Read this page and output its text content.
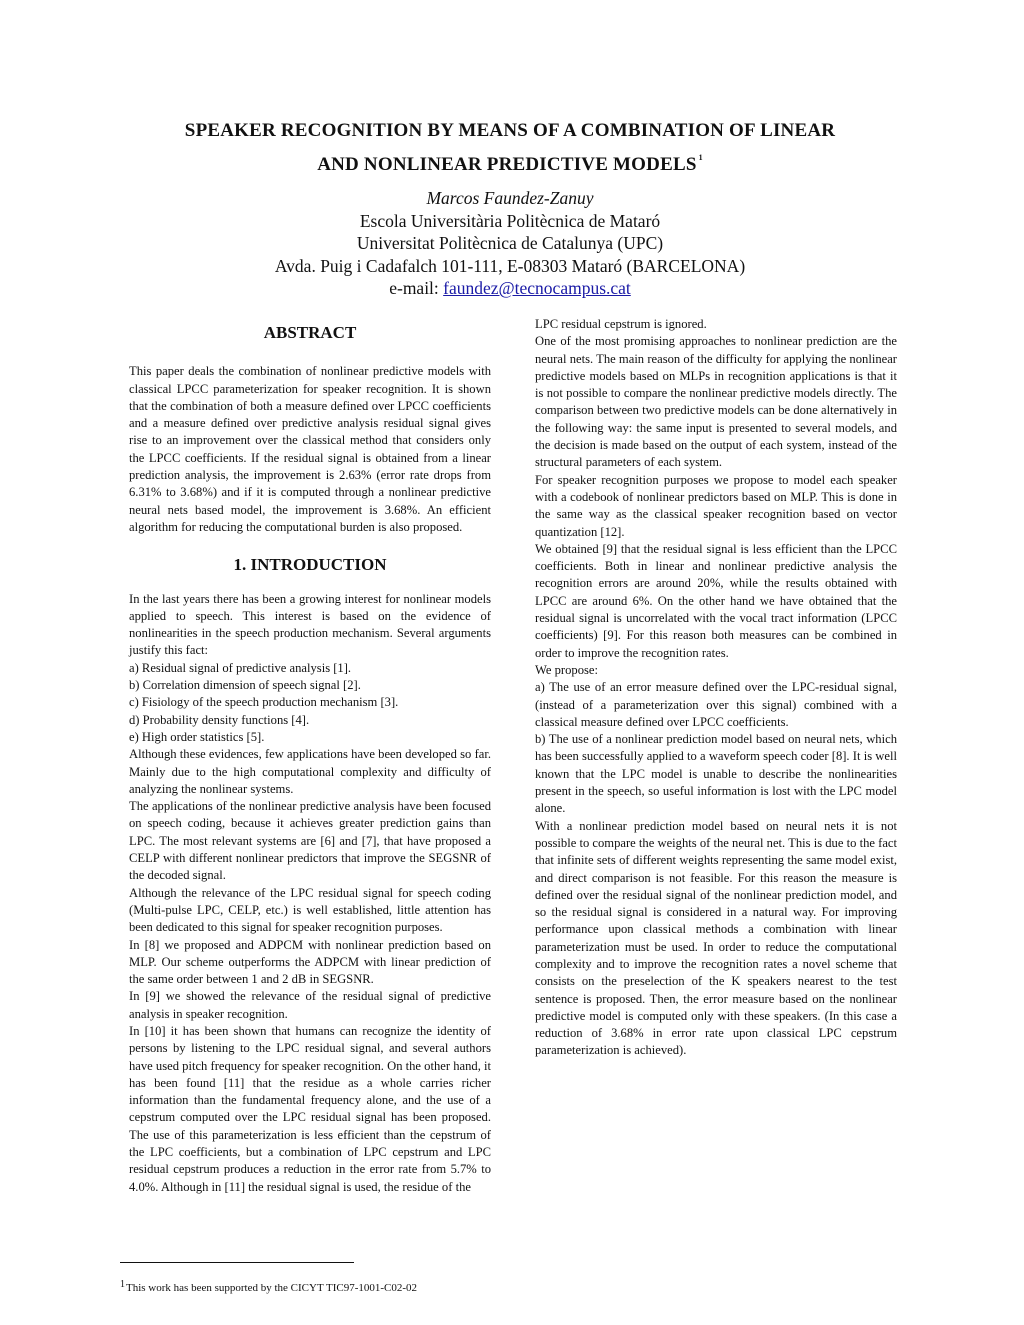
SPEAKER RECOGNITION BY MEANS OF A COMBINATION OF LINEAR
AND NONLINEAR PREDICTIVE MODELS $^1$
Marcos Faundez-Zanuy
Escola Universitària Politècnica de Mataró
Universitat Politècnica de Catalunya (UPC)
Avda. Puig i Cadafalch 101-111, E-08303 Mataró (BARCELONA)
e-mail: faundez@tecnocampus.cat
ABSTRACT

This paper deals the combination of nonlinear predictive models with classical LPCC parameterization for speaker recognition. It is shown that the combination of both a measure defined over LPCC coefficients and a measure defined over predictive analysis residual signal gives rise to an improvement over the classical method that considers only the LPCC coefficients. If the residual signal is obtained from a linear prediction analysis, the improvement is 2.63% (error rate drops from 6.31% to 3.68%) and if it is computed through a nonlinear predictive neural nets based model, the improvement is 3.68%. An efficient algorithm for reducing the computational burden is also proposed.

1. INTRODUCTION

In the last years there has been a growing interest for nonlinear models applied to speech. This interest is based on the evidence of nonlinearities in the speech production mechanism. Several arguments justify this fact:

a) Residual signal of predictive analysis [1].

b) Correlation dimension of speech signal [2].

c) Fisiology of the speech production mechanism [3].

d) Probability density functions [4].

e) High order statistics [5].

Although these evidences, few applications have been developed so far. Mainly due to the high computational complexity and difficulty of analyzing the nonlinear systems.

The applications of the nonlinear predictive analysis have been focused on speech coding, because it achieves greater prediction gains than LPC. The most relevant systems are [6] and [7], that have proposed a CELP with different nonlinear predictors that improve the SEGSNR of the decoded signal.

Although the relevance of the LPC residual signal for speech coding (Multi-pulse LPC, CELP, etc.) is well established, little attention has been dedicated to this signal for speaker recognition purposes.

In [8] we proposed and ADPCM with nonlinear prediction based on MLP. Our scheme outperforms the ADPCM with linear prediction of the same order between 1 and 2 dB in SEGSNR.

In [9] we showed the relevance of the residual signal of predictive analysis in speaker recognition.

In [10] it has been shown that humans can recognize the identity of persons by listening to the LPC residual signal, and several authors have used pitch frequency for speaker recognition. On the other hand, it has been found [11] that the residue as a whole carries richer information than the fundamental frequency alone, and the use of a cepstrum computed over the LPC residual signal has been proposed. The use of this parameterization is less efficient than the cepstrum of the LPC coefficients, but a combination of LPC cepstrum and LPC residual cepstrum produces a reduction in the error rate from 5.7% to 4.0%. Although in [11] the residual signal is used, the residue of the

LPC residual cepstrum is ignored.

One of the most promising approaches to nonlinear prediction are the neural nets. The main reason of the difficulty for applying the nonlinear predictive models based on MLPs in recognition applications is that it is not possible to compare the nonlinear predictive models directly. The comparison between two predictive models can be done alternatively in the following way: the same input is presented to several models, and the decision is made based on the output of each system, instead of the structural parameters of each system.

For speaker recognition purposes we propose to model each speaker with a codebook of nonlinear predictors based on MLP. This is done in the same way as the classical speaker recognition based on vector quantization [12].

We obtained [9] that the residual signal is less efficient than the LPCC coefficients. Both in linear and nonlinear predictive analysis the recognition errors are around 20%, while the results obtained with LPCC are around 6%. On the other hand we have obtained that the residual signal is uncorrelated with the vocal tract information (LPCC coefficients) [9]. For this reason both measures can be combined in order to improve the recognition rates.

We propose:

a) The use of an error measure defined over the LPC-residual signal, (instead of a parameterization over this signal) combined with a classical measure defined over LPCC coefficients.

b) The use of a nonlinear prediction model based on neural nets, which has been successfully applied to a waveform speech coder [8]. It is well known that the LPC model is unable to describe the nonlinearities present in the speech, so useful information is lost with the LPC model alone.

With a nonlinear prediction model based on neural nets it is not possible to compare the weights of the neural net. This is due to the fact that infinite sets of different weights representing the same model exist, and direct comparison is not feasible. For this reason the measure is defined over the residual signal of the nonlinear prediction model, and so the residual signal is considered in a natural way. For improving performance upon classical methods a combination with linear parameterization must be used. In order to reduce the computational complexity and to improve the recognition rates a novel scheme that consists on the preselection of the K speakers nearest to the test sentence is proposed. Then, the error measure based on the nonlinear predictive model is computed only with these speakers. (In this case a reduction of 3.68% in error rate upon classical LPC cepstrum parameterization is achieved).

$^1$This work has been supported by the CICYT TIC97-1001-C02-02
